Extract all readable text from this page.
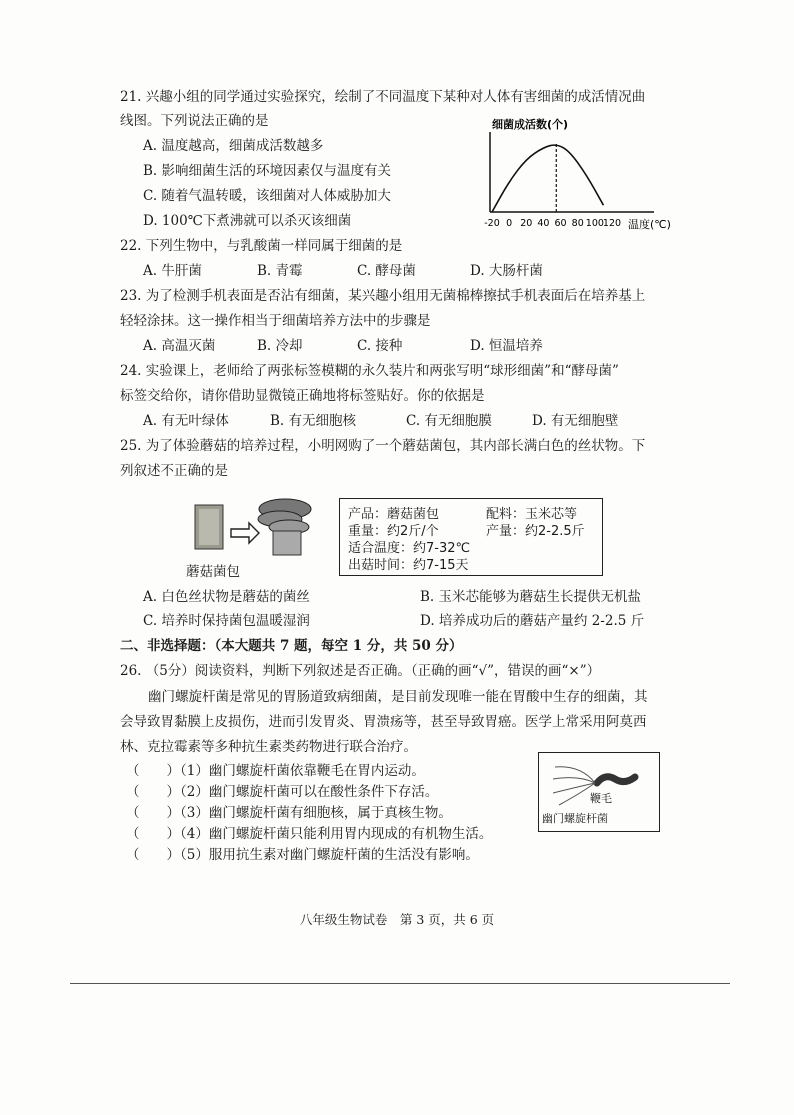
21. 兴趣小组的同学通过实验探究，绘制了不同温度下某种对人体有害细菌的成活情况曲
线图。下列说法正确的是
A. 温度越高，细菌成活数越多
B. 影响细菌生活的环境因素仅与温度有关
C. 随着气温转暖，该细菌对人体威胁加大
D. 100℃下煮沸就可以杀灭该细菌
细菌成活数(个)
-20 0 20 40 60 80 100 120 温度(℃)
22. 下列生物中，与乳酸菌一样同属于细菌的是
A. 牛肝菌	B. 青霉	C. 酵母菌	D. 大肠杆菌
23. 为了检测手机表面是否沾有细菌，某兴趣小组用无菌棉棒擦拭手机表面后在培养基上
轻轻涂抹。这一操作相当于细菌培养方法中的步骤是
A. 高温灭菌	B. 冷却	C. 接种	D. 恒温培养
24. 实验课上，老师给了两张标签模糊的永久装片和两张写明“球形细菌”和“酵母菌”
标签交给你，请你借助显微镜正确地将标签贴好。你的依据是
A. 有无叶绿体	B. 有无细胞核	C. 有无细胞膜	D. 有无细胞壁
25. 为了体验蘑菇的培养过程，小明网购了一个蘑菇菌包，其内部长满白色的丝状物。下
列叙述不正确的是
蘑菇菌包
产品：蘑菇菌包	配料：玉米芯等
重量：约2斤/个	产量：约2-2.5斤
适合温度：约7-32℃
出菇时间：约7-15天
A. 白色丝状物是蘑菇的菌丝	B. 玉米芯能够为蘑菇生长提供无机盐
C. 培养时保持菌包温暖湿润	D. 培养成功后的蘑菇产量约 2-2.5 斤
二、非选择题：（本大题共 7 题，每空 1 分，共 50 分）
26. （5分）阅读资料，判断下列叙述是否正确。（正确的画“√”，错误的画“×”）
幽门螺旋杆菌是常见的胃肠道致病细菌，是目前发现唯一能在胃酸中生存的细菌，其
会导致胃黏膜上皮损伤，进而引发胃炎、胃溃疡等，甚至导致胃癌。医学上常采用阿莫西
林、克拉霉素等多种抗生素类药物进行联合治疗。
（　　）（1）幽门螺旋杆菌依靠鞭毛在胃内运动。
（　　）（2）幽门螺旋杆菌可以在酸性条件下存活。
（　　）（3）幽门螺旋杆菌有细胞核，属于真核生物。
（　　）（4）幽门螺旋杆菌只能利用胃内现成的有机物生活。
（　　）（5）服用抗生素对幽门螺旋杆菌的生活没有影响。
鞭毛
幽门螺旋杆菌
八年级生物试卷　第 3 页，共 6 页
